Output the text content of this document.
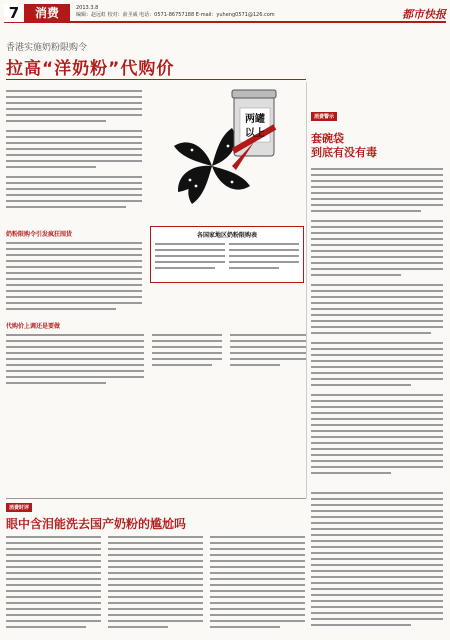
7	消费	2013.3.8
编辑：赵远虹 校对：俞圣威 电话：0571-86757188 E-mail：yuheng0571@126.com	都市快报
香港实施奶粉限购令
拉高“洋奶粉”代购价
奶粉限购令引发疯狂囤货
代购价上调还是要做
两罐
以上
各国家地区奶粉限购表
消费警示
套碗袋
到底有没有毒
消费时评
眼中含泪能洗去国产奶粉的尴尬吗
